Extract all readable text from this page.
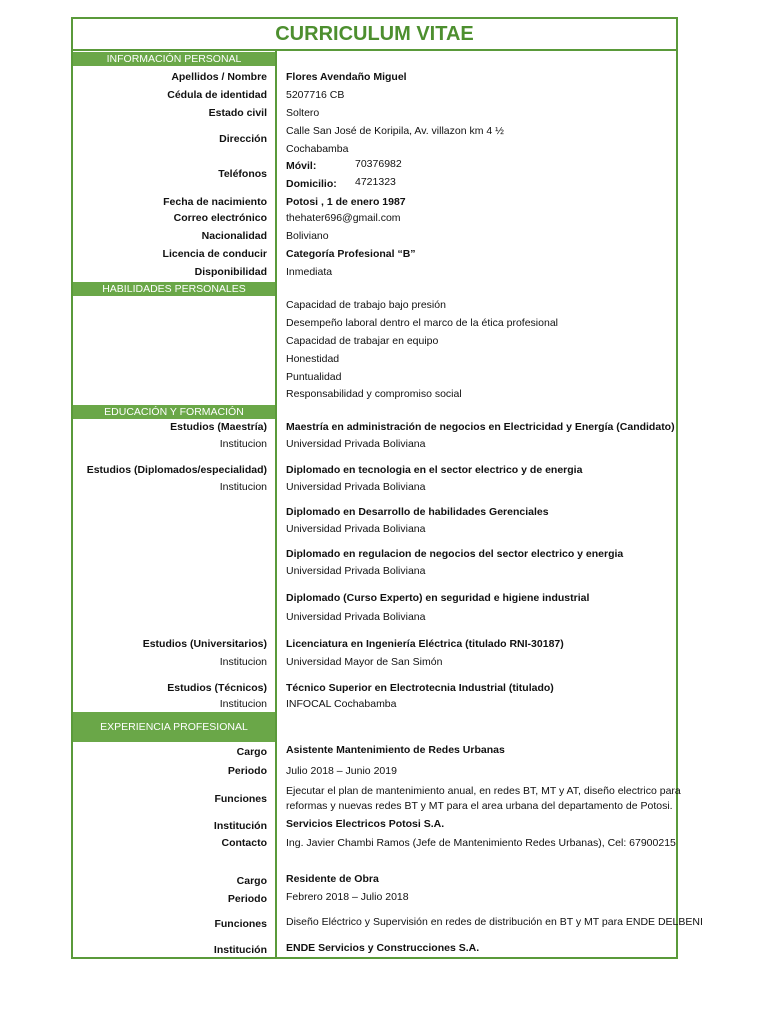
CURRICULUM VITAE
INFORMACIÓN PERSONAL
Apellidos / Nombre Flores Avendaño Miguel
Cédula de identidad 5207716 CB
Estado civil Soltero
Dirección
Calle San José de Koripila, Av. villazon km 4 ½
Cochabamba
Teléfonos
Móvil:	70376982
Domicilio: 4721323
Fecha de nacimiento Potosi , 1 de enero 1987
Correo electrónico thehater696@gmail.com
Nacionalidad Boliviano
Licencia de conducir Categoría Profesional “B”
Disponibilidad Inmediata
HABILIDADES PERSONALES
Capacidad de trabajo bajo presión
Desempeño laboral dentro el marco de la ética profesional
Capacidad de trabajar en equipo
Honestidad
Puntualidad
Responsabilidad y compromiso social
EDUCACIÓN Y FORMACIÓN
Estudios (Maestría) Maestría en administración de negocios en Electricidad y Energía (Candidato)
Institucion Universidad Privada Boliviana
Estudios (Diplomados/especialidad) Diplomado en tecnologia en el sector electrico y de energia
Institucion Universidad Privada Boliviana
Diplomado en Desarrollo de habilidades Gerenciales
Universidad Privada Boliviana
Diplomado en regulacion de negocios del sector electrico y energia
Universidad Privada Boliviana
Diplomado (Curso Experto) en seguridad e higiene industrial
Universidad Privada Boliviana
Estudios (Universitarios) Licenciatura en Ingeniería Eléctrica (titulado RNI-30187)
Institucion Universidad Mayor de San Simón
Estudios (Técnicos) Técnico Superior en Electrotecnia Industrial (titulado)
Institucion INFOCAL Cochabamba
EXPERIENCIA PROFESIONAL
Cargo Asistente Mantenimiento de Redes Urbanas
Periodo Julio 2018 – Junio 2019
Funciones
Ejecutar el plan de mantenimiento anual, en redes BT, MT y AT, diseño electrico para
reformas y nuevas redes BT y MT para el area urbana del departamento de Potosi.
Institución Servicios Electricos Potosi S.A.
Contacto Ing. Javier Chambi Ramos (Jefe de Mantenimiento Redes Urbanas), Cel: 67900215
Cargo Residente de Obra
Periodo Febrero 2018 – Julio 2018
Funciones Diseño Eléctrico y Supervisión en redes de distribución en BT y MT para ENDE DELBENI
Institución ENDE Servicios y Construcciones S.A.
